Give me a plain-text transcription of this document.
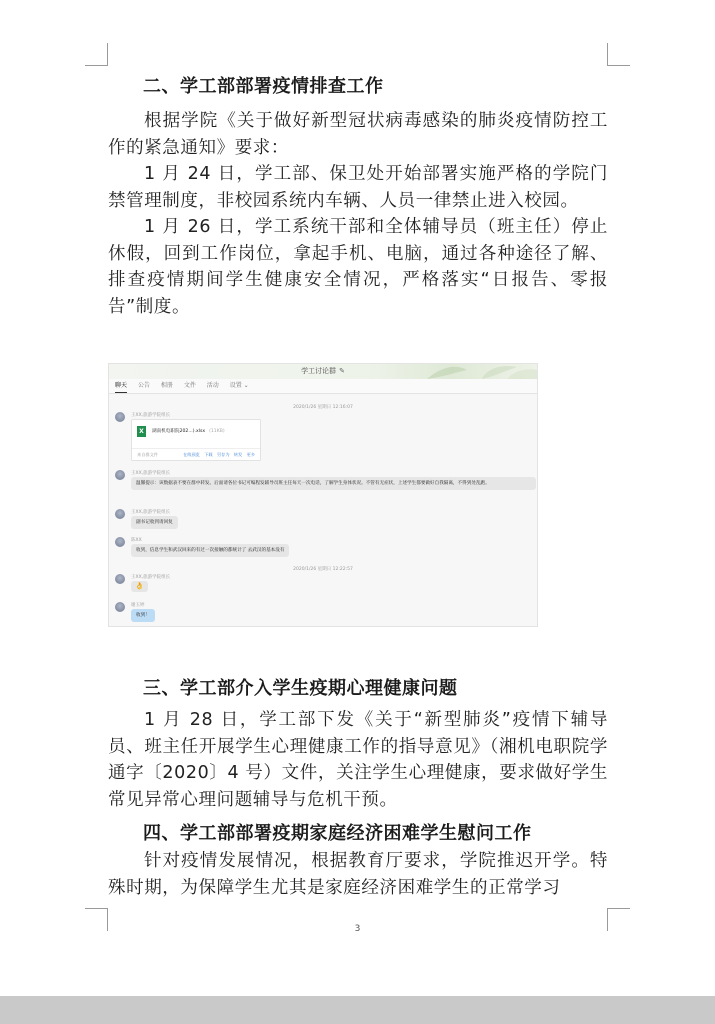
二、学工部部署疫情排查工作

根据学院《关于做好新型冠状病毒感染的肺炎疫情防控工作的紧急通知》要求：

1 月 24 日，学工部、保卫处开始部署实施严格的学院门禁管理制度，非校园系统内车辆、人员一律禁止进入校园。

1 月 26 日，学工系统干部和全体辅导员（班主任）停止休假，回到工作岗位，拿起手机、电脑，通过各种途径了解、排查疫情期间学生健康安全情况，严格落实“日报告、零报告”制度。

学工讨论群 ✎
聊天 公告 相册 文件 活动 设置 ⌄
2020/1/26 星期日 12:16:07
王XX,旅游学院组长
X	湖南机电职院202...).xlsx (11KB)
来自群文件	在线预览 下载 另存为 转发 更多
王XX,旅游学院组长
温馨提示：该数据表不要在群中转发。后面请各位书记可编程发辅导员班主任每天一次电话，了解学生身体状况。不管有无症状，上述学生都要做好自我隔离，不得到处乱跑。
王XX,旅游学院组长
副书记收到请回复
陈XX
收到，信息学生和武汉回来的有过一次接触的都统计了 去武汉的基本没有
2020/1/26 星期日 12:22:57
王XX,旅游学院组长
👌
谢玉婷
收到！
三、学工部介入学生疫期心理健康问题

1 月 28 日，学工部下发《关于“新型肺炎”疫情下辅导员、班主任开展学生心理健康工作的指导意见》（湘机电职院学通字〔2020〕4 号）文件，关注学生心理健康，要求做好学生常见异常心理问题辅导与危机干预。

四、学工部部署疫期家庭经济困难学生慰问工作

针对疫情发展情况，根据教育厅要求，学院推迟开学。特殊时期，为保障学生尤其是家庭经济困难学生的正常学习

3
